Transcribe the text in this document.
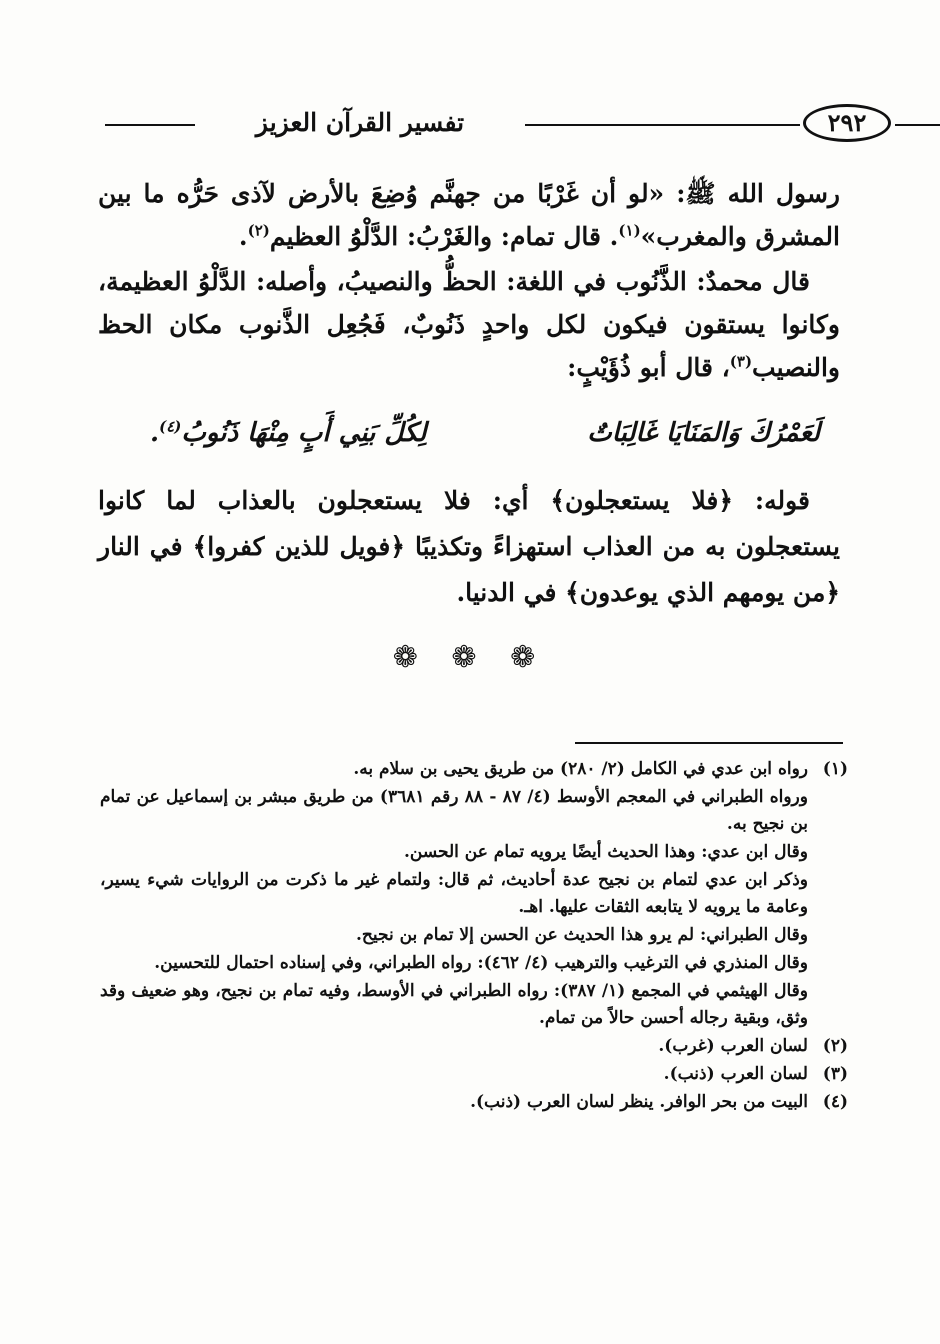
تفسير القرآن العزيز	٢٩٢

رسول الله ﷺ: «لو أن غَرْبًا من جهنَّم وُضِعَ بالأرض لآذى حَرُّه ما بين المشرق والمغرب»$^{(١)}$. قال تمام: والغَرْبُ: الدَّلْوُ العظيم$^{(٢)}$.

قال محمدٌ: الذَّنُوب في اللغة: الحظُّ والنصيبُ، وأصله: الدَّلْوُ العظيمة، وكانوا يستقون فيكون لكل واحدٍ ذَنُوبٌ، فَجُعِل الذَّنوب مكان الحظ والنصيب$^{(٣)}$، قال أبو ذُؤَيْبٍ:

لَعَمْرُكَ وَالمَنَايَا غَالِبَاتٌ
لِكُلِّ بَنِي أَبٍ مِنْهَا ذَنُوبُ$^{(٤)}$.
قوله: ﴿فلا يستعجلون﴾ أي: فلا يستعجلون بالعذاب لما كانوا يستعجلون به من العذاب استهزاءً وتكذيبًا ﴿فويل للذين كفروا﴾ في النار ﴿من يومهم الذي يوعدون﴾ في الدنيا.
❁ ❁ ❁
(١)
رواه ابن عدي في الكامل (٢/ ٢٨٠) من طريق يحيى بن سلام به.
ورواه الطبراني في المعجم الأوسط (٤/ ٨٧ - ٨٨ رقم ٣٦٨١) من طريق مبشر بن إسماعيل عن تمام بن نجيح به.
وقال ابن عدي: وهذا الحديث أيضًا يرويه تمام عن الحسن.
وذكر ابن عدي لتمام بن نجيح عدة أحاديث، ثم قال: ولتمام غير ما ذكرت من الروايات شيء يسير، وعامة ما يرويه لا يتابعه الثقات عليها. اهـ.
وقال الطبراني: لم يرو هذا الحديث عن الحسن إلا تمام بن نجيح.
وقال المنذري في الترغيب والترهيب (٤/ ٤٦٢): رواه الطبراني، وفي إسناده احتمال للتحسين.
وقال الهيثمي في المجمع (١/ ٣٨٧): رواه الطبراني في الأوسط، وفيه تمام بن نجيح، وهو ضعيف وقد وثق، وبقية رجاله أحسن حالاً من تمام.
(٢)
لسان العرب (غرب).
(٣)
لسان العرب (ذنب).
(٤)
البيت من بحر الوافر. ينظر لسان العرب (ذنب).
